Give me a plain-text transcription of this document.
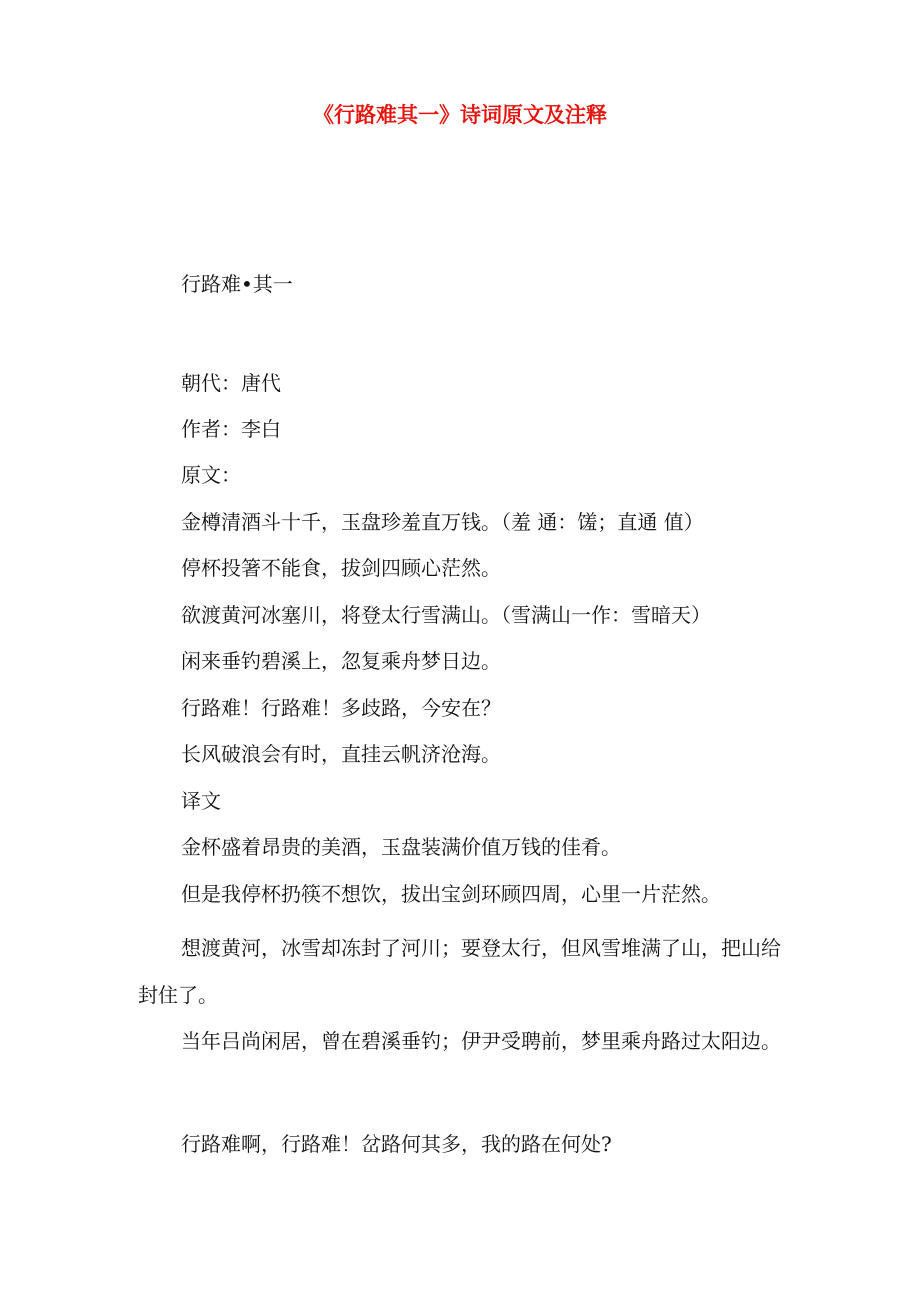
《行路难其一》诗词原文及注释
行路难•其一
朝代：唐代
作者：李白
原文：
金樽清酒斗十千，玉盘珍羞直万钱。（羞 通：馐；直通 值）
停杯投箸不能食，拔剑四顾心茫然。
欲渡黄河冰塞川，将登太行雪满山。（雪满山一作：雪暗天）
闲来垂钓碧溪上，忽复乘舟梦日边。
行路难！行路难！多歧路，今安在？
长风破浪会有时，直挂云帆济沧海。
译文
金杯盛着昂贵的美酒，玉盘装满价值万钱的佳肴。
但是我停杯扔筷不想饮，拔出宝剑环顾四周，心里一片茫然。
想渡黄河，冰雪却冻封了河川；要登太行，但风雪堆满了山，把山给封住了。
当年吕尚闲居，曾在碧溪垂钓；伊尹受聘前，梦里乘舟路过太阳边。
行路难啊，行路难！岔路何其多，我的路在何处?
